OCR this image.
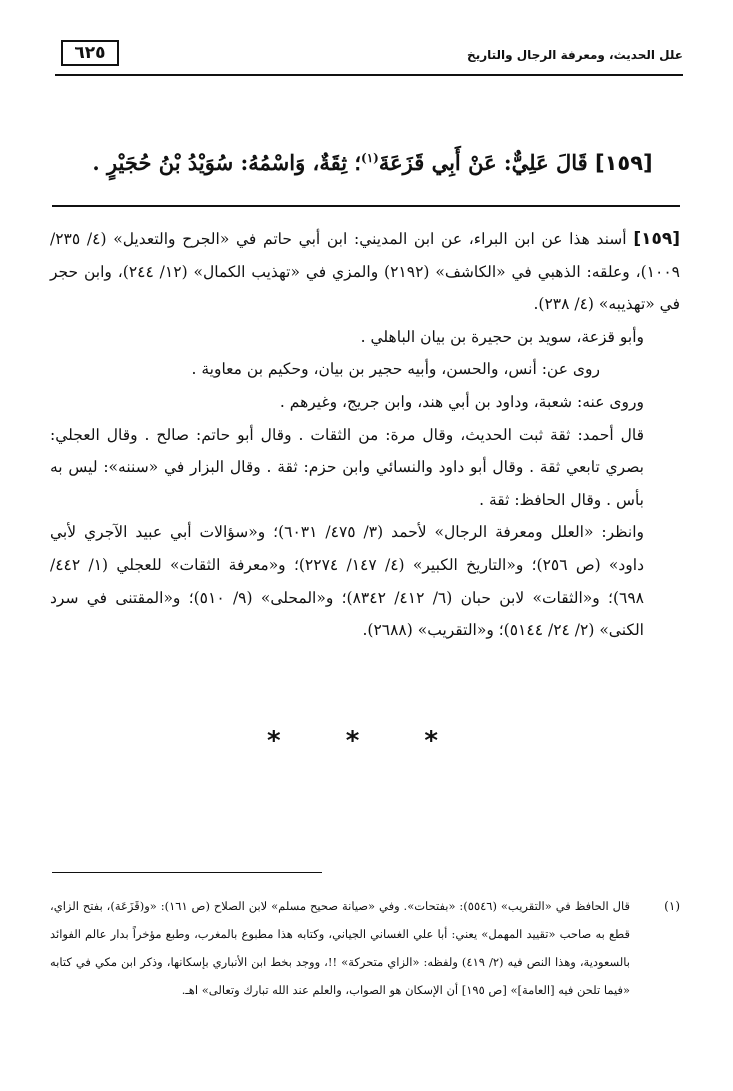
٦٢٥	علل الحديث، ومعرفة الرجال والتاريخ
[١٥٩] قَالَ عَلِيٌّ: عَنْ أَبِي قَزَعَةَ$^{(١)}$؛ ثِقَةٌ، وَاسْمُهُ: سُوَيْدُ بْنُ حُجَيْرٍ .

[١٥٩] أسند هذا عن ابن البراء، عن ابن المديني: ابن أبي حاتم في «الجرح والتعديل» (٤/ ٢٣٥/ ١٠٠٩)، وعلقه: الذهبي في «الكاشف» (٢١٩٢) والمزي في «تهذيب الكمال» (١٢/ ٢٤٤)، وابن حجر في «تهذيبه» (٤/ ٢٣٨).

وأبو قزعة، سويد بن حجيرة بن بيان الباهلي .

روى عن: أنس، والحسن، وأبيه حجير بن بيان، وحكيم بن معاوية .

وروى عنه: شعبة، وداود بن أبي هند، وابن جريج، وغيرهم .

قال أحمد: ثقة ثبت الحديث، وقال مرة: من الثقات . وقال أبو حاتم: صالح . وقال العجلي: بصري تابعي ثقة . وقال أبو داود والنسائي وابن حزم: ثقة . وقال البزار في «سننه»: ليس به بأس . وقال الحافظ: ثقة .

وانظر: «العلل ومعرفة الرجال» لأحمد (٣/ ٤٧٥/ ٦٠٣١)؛ و«سؤالات أبي عبيد الآجري لأبي داود» (ص ٢٥٦)؛ و«التاريخ الكبير» (٤/ ١٤٧/ ٢٢٧٤)؛ و«معرفة الثقات» للعجلي (١/ ٤٤٢/ ٦٩٨)؛ و«الثقات» لابن حبان (٦/ ٤١٢/ ٨٣٤٢)؛ و«المحلى» (٩/ ٥١٠)؛ و«المقتنى في سرد الكنى» (٢/ ٢٤/ ٥١٤٤)؛ و«التقريب» (٢٦٨٨).

* * *
(١)
قال الحافظ في «التقريب» (٥٥٤٦): «بفتحات». وفي «صيانة صحيح مسلم» لابن الصلاح (ص ١٦١): «و(قَزَعَة)، بفتح الزاي، قطع به صاحب «تقييد المهمل» يعني: أبا علي الغساني الجياني، وكتابه هذا مطبوع بالمغرب، وطبع مؤخراً بدار عالم الفوائد بالسعودية، وهذا النص فيه (٢/ ٤١٩) ولفظه: «الزاي متحركة» !!، ووجد بخط ابن الأنباري بإسكانها، وذكر ابن مكي في كتابه «فيما تلحن فيه [العامة]» [ص ١٩٥] أن الإسكان هو الصواب، والعلم عند الله تبارك وتعالى» اهـ.
